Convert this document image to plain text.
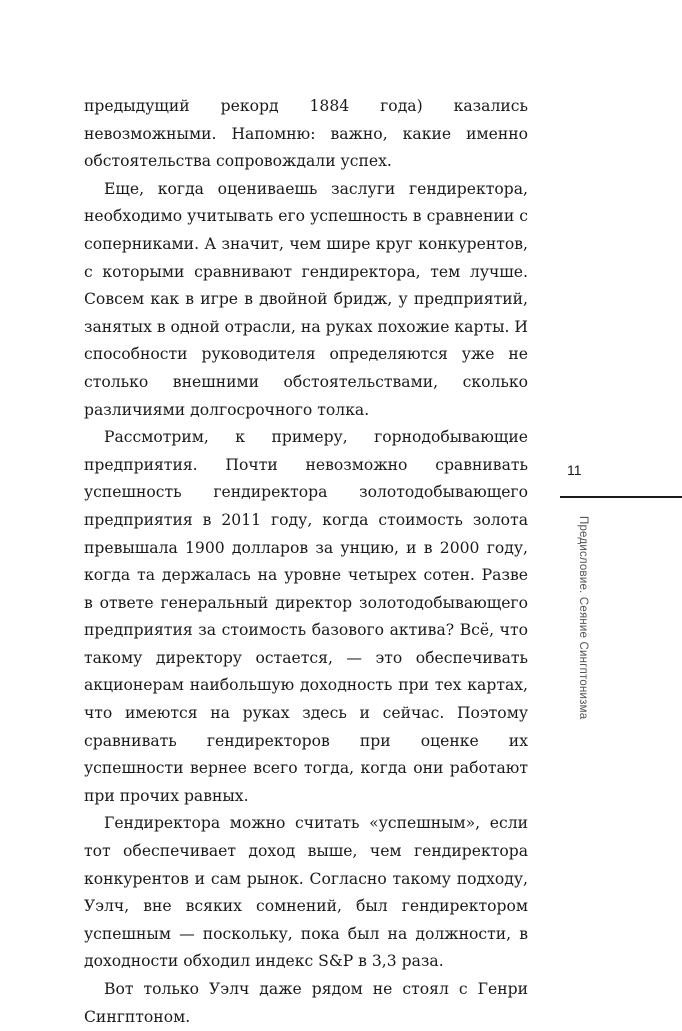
предыдущий рекорд 1884 года) казались невозможными. Напомню: важно, какие именно обстоятельства сопровождали успех.

Еще, когда оцениваешь заслуги гендиректора, необходимо учитывать его успешность в сравнении с соперниками. А значит, чем шире круг конкурентов, с которыми сравнивают гендиректора, тем лучше. Совсем как в игре в двойной бридж, у предприятий, занятых в одной отрасли, на руках похожие карты. И способности руководителя определяются уже не столько внешними обстоятельствами, сколько различиями долгосрочного толка.

Рассмотрим, к примеру, горнодобывающие предприятия. Почти невозможно сравнивать успешность гендиректора золотодобывающего предприятия в 2011 году, когда стоимость золота превышала 1900 долларов за унцию, и в 2000 году, когда та держалась на уровне четырех сотен. Разве в ответе генеральный директор золотодобывающего предприятия за стоимость базового актива? Всё, что такому директору остается, — это обеспечивать акционерам наибольшую доходность при тех картах, что имеются на руках здесь и сейчас. Поэтому сравнивать гендиректоров при оценке их успешности вернее всего тогда, когда они работают при прочих равных.

Гендиректора можно считать «успешным», если тот обеспечивает доход выше, чем гендиректора конкурентов и сам рынок. Согласно такому подходу, Уэлч, вне всяких сомнений, был гендиректором успешным — поскольку, пока был на должности, в доходности обходил индекс S&P в 3,3 раза.

Вот только Уэлч даже рядом не стоял с Генри Сингптоном.

11
Предисловие. Сеяние Сингптонизма
